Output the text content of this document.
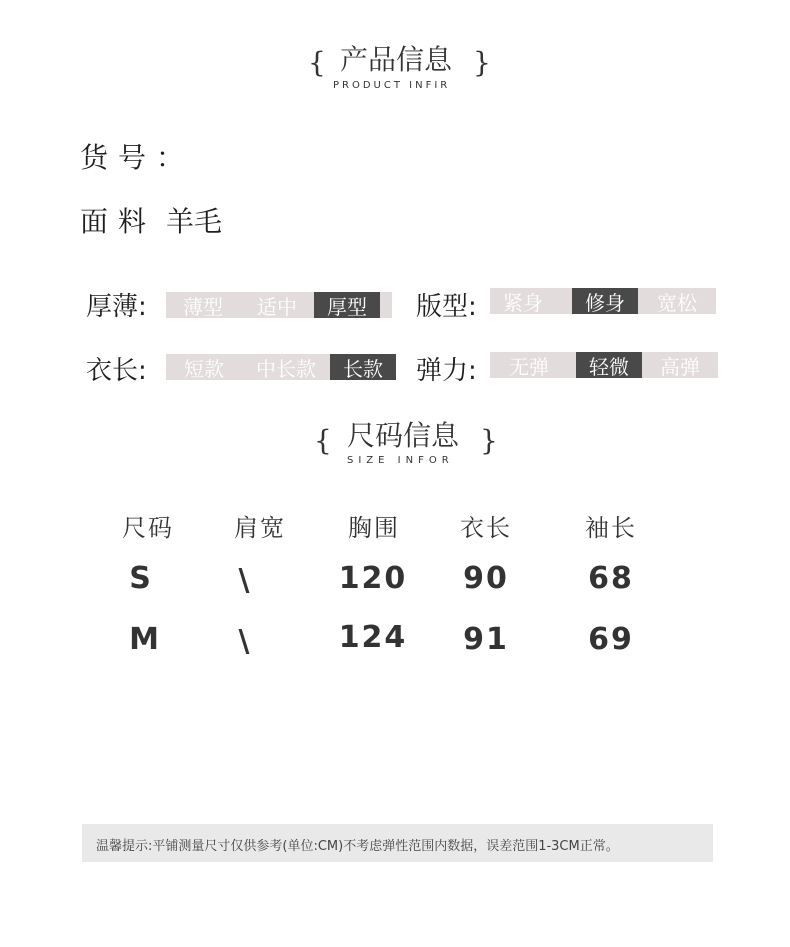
{ 产品信息
PRODUCT INFIR
}
货号：
面料 羊毛
厚薄:	薄型	适中	厚型	版型:	紧身	修身	宽松
衣长:	短款	中长款	长款	弹力:	无弹	轻微	高弹
{ 尺码信息
SIZE INFOR
}
尺码	肩宽	胸围	衣长	袖长
S	\	120	90	68
M	\	124	91	69
温馨提示:平铺测量尺寸仅供参考(单位:CM)不考虑弹性范围内数据，误差范围1-3CM正常。
